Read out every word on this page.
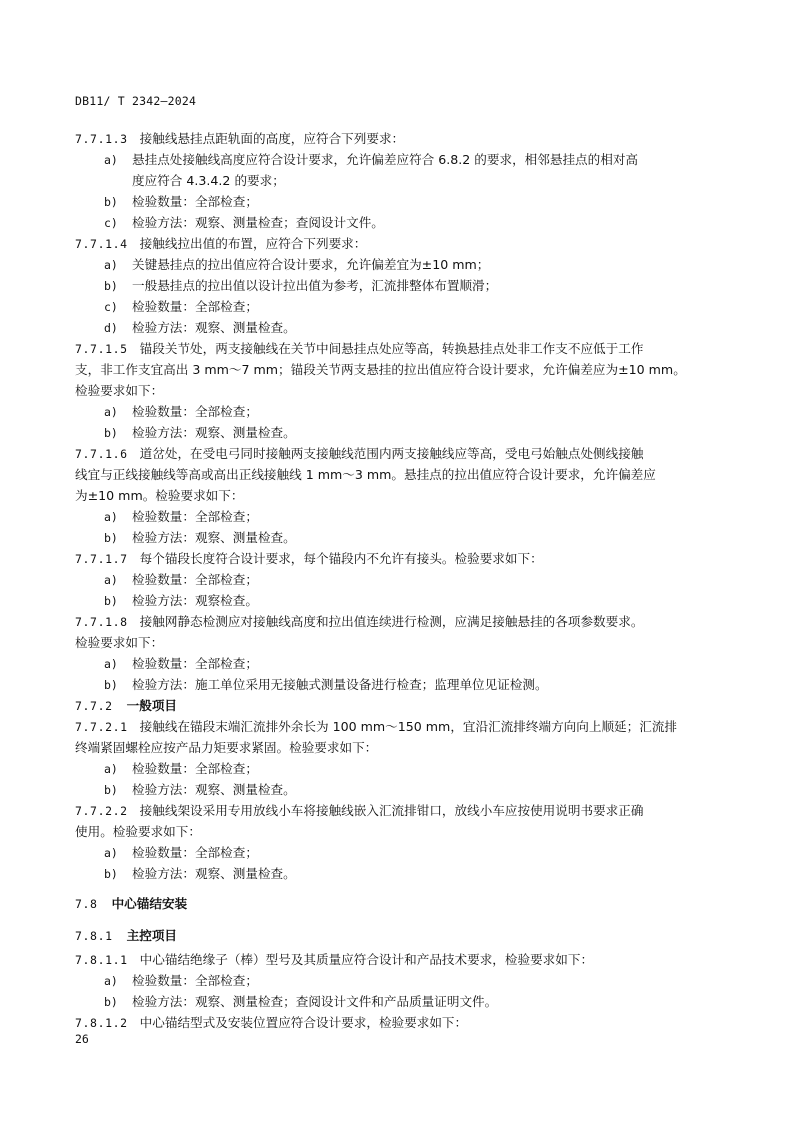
DB11/ T 2342—2024
7.7.1.3 接触线悬挂点距轨面的高度，应符合下列要求：
a) 悬挂点处接触线高度应符合设计要求，允许偏差应符合 6.8.2 的要求，相邻悬挂点的相对高
度应符合 4.3.4.2 的要求；
b) 检验数量：全部检查；
c) 检验方法：观察、测量检查；查阅设计文件。
7.7.1.4 接触线拉出值的布置，应符合下列要求：
a) 关键悬挂点的拉出值应符合设计要求，允许偏差宜为±10 mm；
b) 一般悬挂点的拉出值以设计拉出值为参考，汇流排整体布置顺滑；
c) 检验数量：全部检查；
d) 检验方法：观察、测量检查。
7.7.1.5 锚段关节处，两支接触线在关节中间悬挂点处应等高，转换悬挂点处非工作支不应低于工作
支，非工作支宜高出 3 mm～7 mm；锚段关节两支悬挂的拉出值应符合设计要求，允许偏差应为±10 mm。
检验要求如下：
a) 检验数量：全部检查；
b) 检验方法：观察、测量检查。
7.7.1.6 道岔处，在受电弓同时接触两支接触线范围内两支接触线应等高，受电弓始触点处侧线接触
线宜与正线接触线等高或高出正线接触线 1 mm～3 mm。悬挂点的拉出值应符合设计要求，允许偏差应
为±10 mm。检验要求如下：
a) 检验数量：全部检查；
b) 检验方法：观察、测量检查。
7.7.1.7 每个锚段长度符合设计要求，每个锚段内不允许有接头。检验要求如下：
a) 检验数量：全部检查；
b) 检验方法：观察检查。
7.7.1.8 接触网静态检测应对接触线高度和拉出值连续进行检测，应满足接触悬挂的各项参数要求。
检验要求如下：
a) 检验数量：全部检查；
b) 检验方法：施工单位采用无接触式测量设备进行检查；监理单位见证检测。
7.7.2 一般项目
7.7.2.1 接触线在锚段末端汇流排外余长为 100 mm～150 mm，宜沿汇流排终端方向向上顺延；汇流排
终端紧固螺栓应按产品力矩要求紧固。检验要求如下：
a) 检验数量：全部检查；
b) 检验方法：观察、测量检查。
7.7.2.2 接触线架设采用专用放线小车将接触线嵌入汇流排钳口，放线小车应按使用说明书要求正确
使用。检验要求如下：
a) 检验数量：全部检查；
b) 检验方法：观察、测量检查。
7.8 中心锚结安装
7.8.1 主控项目
7.8.1.1 中心锚结绝缘子（棒）型号及其质量应符合设计和产品技术要求，检验要求如下：
a) 检验数量：全部检查；
b) 检验方法：观察、测量检查；查阅设计文件和产品质量证明文件。
7.8.1.2 中心锚结型式及安装位置应符合设计要求，检验要求如下：
26
